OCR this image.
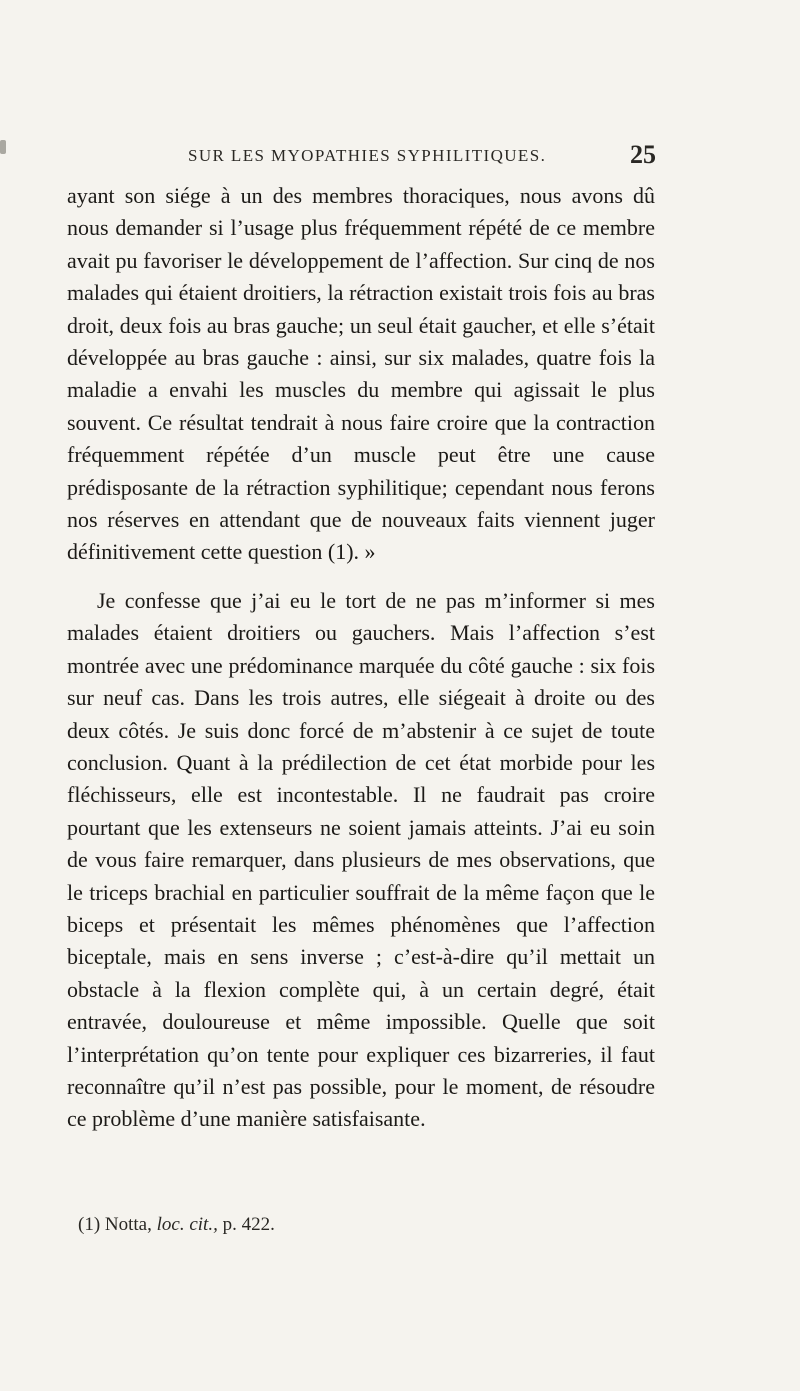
SUR LES MYOPATHIES SYPHILITIQUES.	25

ayant son siége à un des membres thoraciques, nous avons dû nous demander si l’usage plus fréquemment répété de ce membre avait pu favoriser le développement de l’affection. Sur cinq de nos malades qui étaient droitiers, la rétraction existait trois fois au bras droit, deux fois au bras gauche; un seul était gaucher, et elle s’était développée au bras gauche : ainsi, sur six malades, quatre fois la maladie a envahi les muscles du membre qui agissait le plus souvent. Ce résultat tendrait à nous faire croire que la contraction fréquemment répétée d’un muscle peut être une cause prédisposante de la rétraction syphilitique; cependant nous ferons nos réserves en attendant que de nouveaux faits viennent juger définitivement cette question (1). »

Je confesse que j’ai eu le tort de ne pas m’informer si mes malades étaient droitiers ou gauchers. Mais l’affection s’est montrée avec une prédominance marquée du côté gauche : six fois sur neuf cas. Dans les trois autres, elle siégeait à droite ou des deux côtés. Je suis donc forcé de m’abstenir à ce sujet de toute conclusion. Quant à la prédilection de cet état morbide pour les fléchisseurs, elle est incontestable. Il ne faudrait pas croire pourtant que les extenseurs ne soient jamais atteints. J’ai eu soin de vous faire remarquer, dans plusieurs de mes observations, que le triceps brachial en particulier souffrait de la même façon que le biceps et présentait les mêmes phénomènes que l’affection biceptale, mais en sens inverse ; c’est-à-dire qu’il mettait un obstacle à la flexion complète qui, à un certain degré, était entravée, douloureuse et même impossible. Quelle que soit l’interprétation qu’on tente pour expliquer ces bizarreries, il faut reconnaître qu’il n’est pas possible, pour le moment, de résoudre ce problème d’une manière satisfaisante.

(1) Notta, loc. cit., p. 422.
